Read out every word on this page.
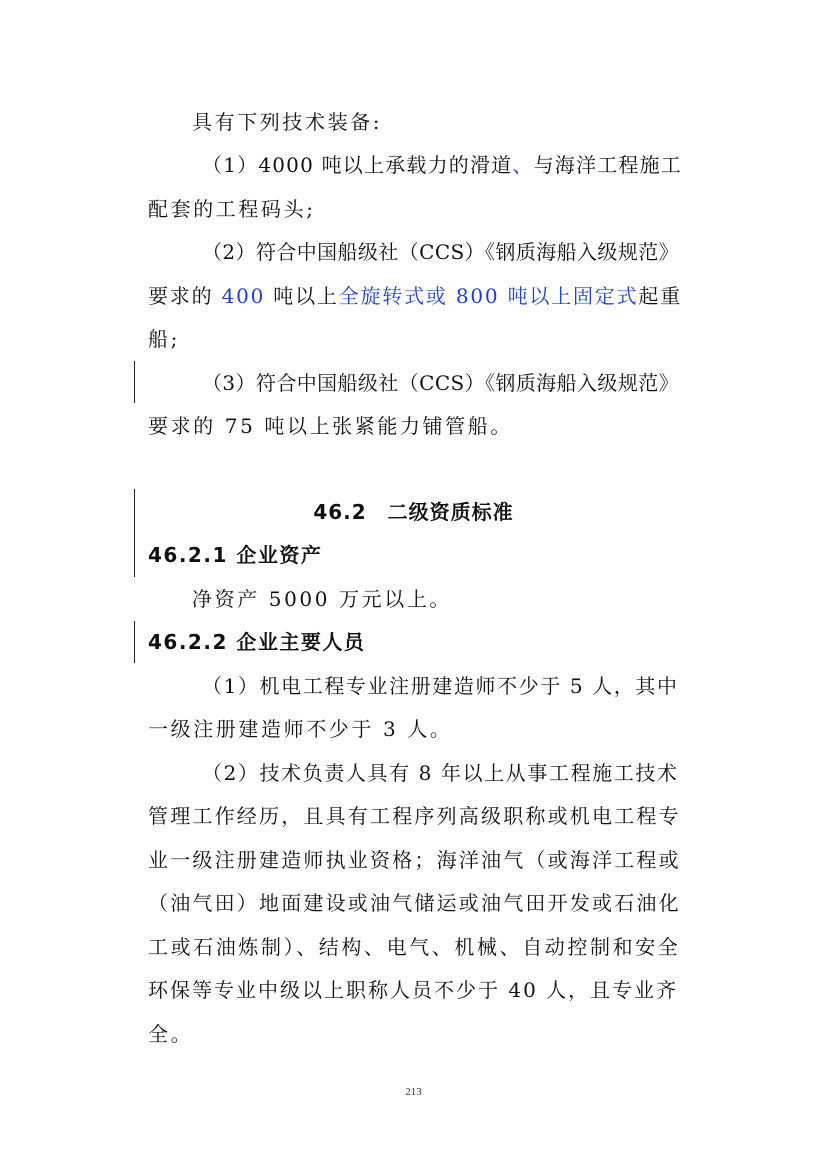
具有下列技术装备:

（1）4000 吨以上承载力的滑道、与海洋工程施工

配套的工程码头;

（2）符合中国船级社（CCS）《钢质海船入级规范》

要求的 400 吨以上全旋转式或 800 吨以上固定式起重

船;

（3）符合中国船级社（CCS）《钢质海船入级规范》

要求的 75 吨以上张紧能力铺管船。

46.2　二级资质标准

46.2.1 企业资产

净资产 5000 万元以上。

46.2.2 企业主要人员

（1）机电工程专业注册建造师不少于 5 人，其中

一级注册建造师不少于 3 人。

（2）技术负责人具有 8 年以上从事工程施工技术

管理工作经历，且具有工程序列高级职称或机电工程专

业一级注册建造师执业资格；海洋油气（或海洋工程或

（油气田）地面建设或油气储运或油气田开发或石油化

工或石油炼制）、结构、电气、机械、自动控制和安全

环保等专业中级以上职称人员不少于 40 人，且专业齐

全。

213
